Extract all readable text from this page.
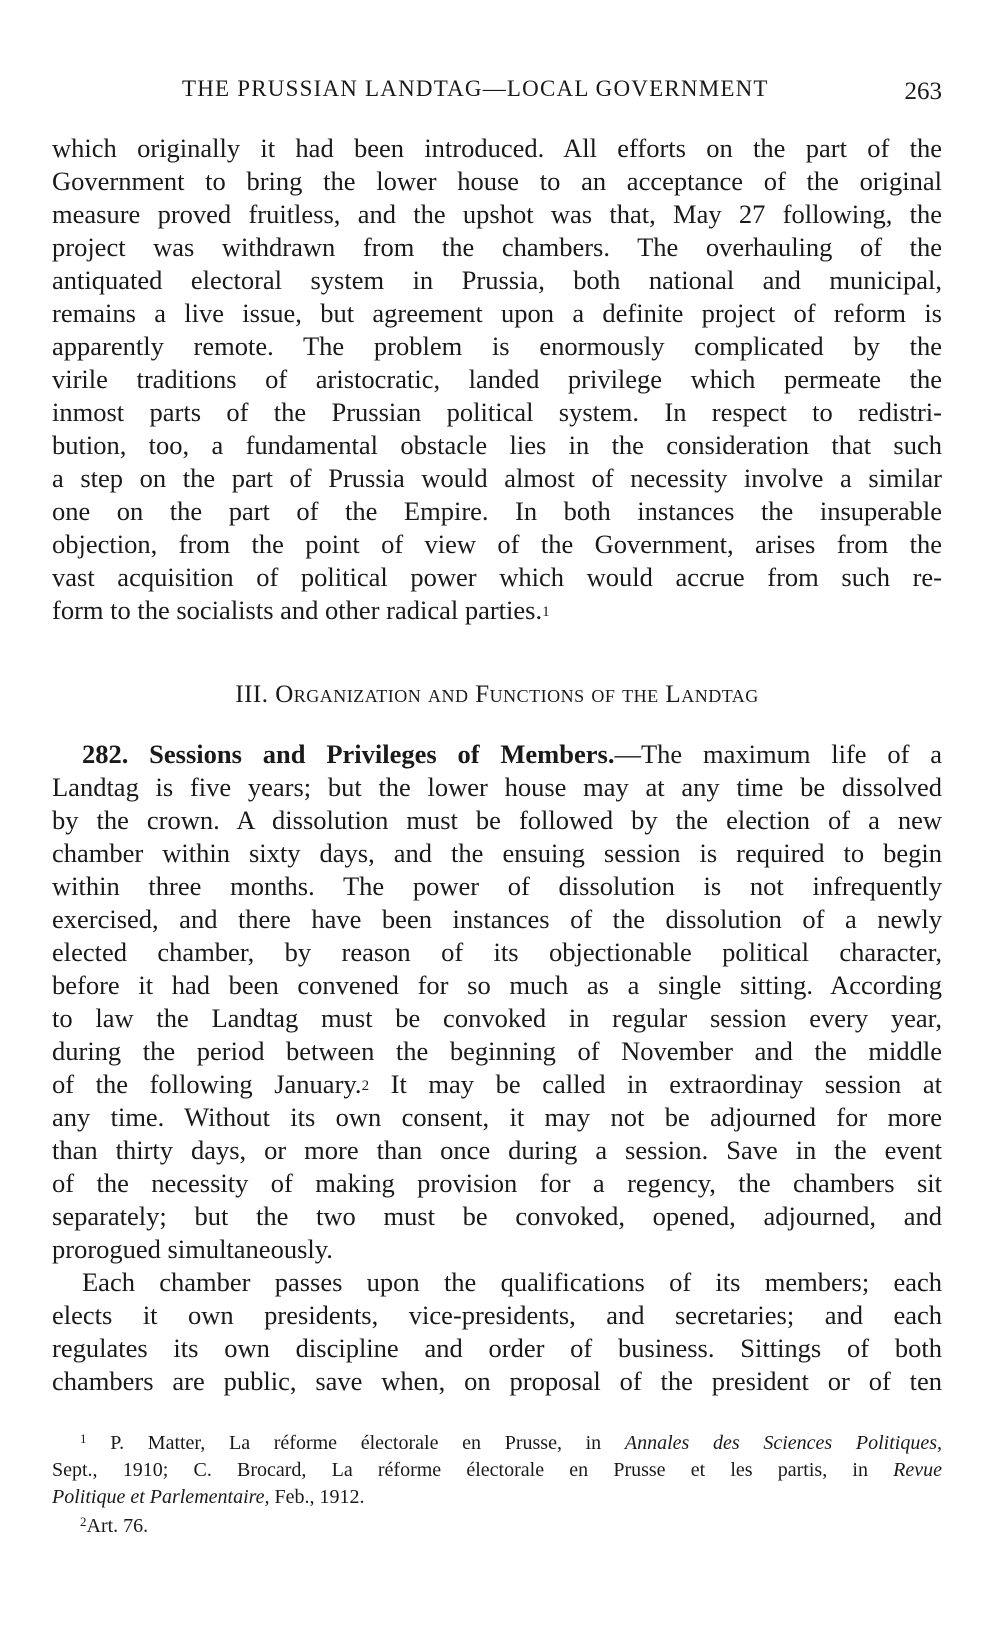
THE PRUSSIAN LANDTAG—LOCAL GOVERNMENT	263
which originally it had been introduced. All efforts on the part of the
Government to bring the lower house to an acceptance of the original
measure proved fruitless, and the upshot was that, May 27 following, the
project was withdrawn from the chambers. The overhauling of the
antiquated electoral system in Prussia, both national and municipal,
remains a live issue, but agreement upon a definite project of reform is
apparently remote. The problem is enormously complicated by the
virile traditions of aristocratic, landed privilege which permeate the
inmost parts of the Prussian political system. In respect to redistri-
bution, too, a fundamental obstacle lies in the consideration that such
a step on the part of Prussia would almost of necessity involve a similar
one on the part of the Empire. In both instances the insuperable
objection, from the point of view of the Government, arises from the
vast acquisition of political power which would accrue from such re-
form to the socialists and other radical parties.$^1$
III. Organization and Functions of the Landtag
282. Sessions and Privileges of Members.—The maximum life of a
Landtag is five years; but the lower house may at any time be dissolved
by the crown. A dissolution must be followed by the election of a new
chamber within sixty days, and the ensuing session is required to begin
within three months. The power of dissolution is not infrequently
exercised, and there have been instances of the dissolution of a newly
elected chamber, by reason of its objectionable political character,
before it had been convened for so much as a single sitting. According
to law the Landtag must be convoked in regular session every year,
during the period between the beginning of November and the middle
of the following January.$^2$ It may be called in extraordinay session at
any time. Without its own consent, it may not be adjourned for more
than thirty days, or more than once during a session. Save in the event
of the necessity of making provision for a regency, the chambers sit
separately; but the two must be convoked, opened, adjourned, and
prorogued simultaneously.
Each chamber passes upon the qualifications of its members; each
elects it own presidents, vice-presidents, and secretaries; and each
regulates its own discipline and order of business. Sittings of both
chambers are public, save when, on proposal of the president or of ten
$^1$ P. Matter, La réforme électorale en Prusse, in Annales des Sciences Politiques,
Sept., 1910; C. Brocard, La réforme électorale en Prusse et les partis, in Revue
Politique et Parlementaire, Feb., 1912.
$^2$Art. 76.
